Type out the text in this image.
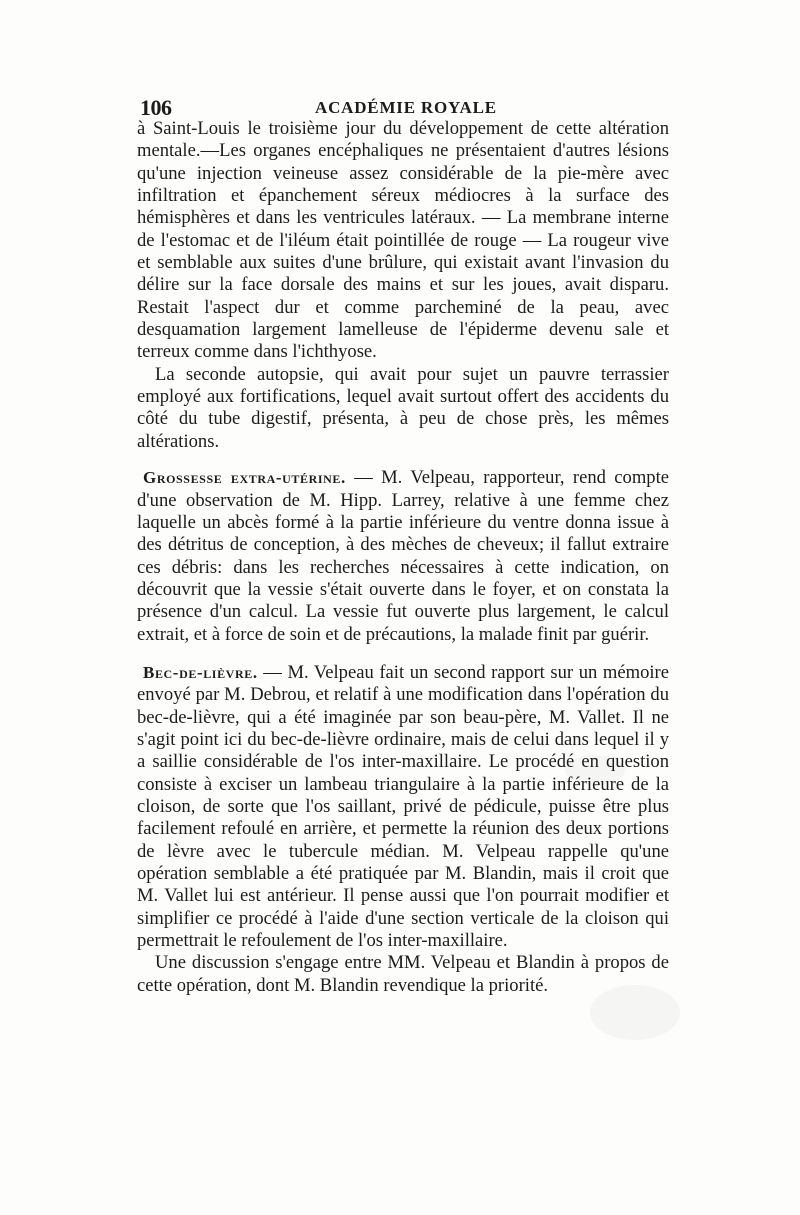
106	ACADÉMIE ROYALE

à Saint-Louis le troisième jour du développement de cette altération mentale.—Les organes encéphaliques ne présentaient d'autres lésions qu'une injection veineuse assez considérable de la pie-mère avec infiltration et épanchement séreux médiocres à la surface des hémisphères et dans les ventricules latéraux. — La membrane interne de l'estomac et de l'iléum était pointillée de rouge — La rougeur vive et semblable aux suites d'une brûlure, qui existait avant l'invasion du délire sur la face dorsale des mains et sur les joues, avait disparu. Restait l'aspect dur et comme parcheminé de la peau, avec desquamation largement lamelleuse de l'épiderme devenu sale et terreux comme dans l'ichthyose.

La seconde autopsie, qui avait pour sujet un pauvre terrassier employé aux fortifications, lequel avait surtout offert des accidents du côté du tube digestif, présenta, à peu de chose près, les mêmes altérations.

Grossesse extra-utérine. — M. Velpeau, rapporteur, rend compte d'une observation de M. Hipp. Larrey, relative à une femme chez laquelle un abcès formé à la partie inférieure du ventre donna issue à des détritus de conception, à des mèches de cheveux; il fallut extraire ces débris: dans les recherches nécessaires à cette indication, on découvrit que la vessie s'était ouverte dans le foyer, et on constata la présence d'un calcul. La vessie fut ouverte plus largement, le calcul extrait, et à force de soin et de précautions, la malade finit par guérir.

Bec-de-lièvre. — M. Velpeau fait un second rapport sur un mémoire envoyé par M. Debrou, et relatif à une modification dans l'opération du bec-de-lièvre, qui a été imaginée par son beau-père, M. Vallet. Il ne s'agit point ici du bec-de-lièvre ordinaire, mais de celui dans lequel il y a saillie considérable de l'os inter-maxillaire. Le procédé en question consiste à exciser un lambeau triangulaire à la partie inférieure de la cloison, de sorte que l'os saillant, privé de pédicule, puisse être plus facilement refoulé en arrière, et permette la réunion des deux portions de lèvre avec le tubercule médian. M. Velpeau rappelle qu'une opération semblable a été pratiquée par M. Blandin, mais il croit que M. Vallet lui est antérieur. Il pense aussi que l'on pourrait modifier et simplifier ce procédé à l'aide d'une section verticale de la cloison qui permettrait le refoulement de l'os inter-maxillaire.

Une discussion s'engage entre MM. Velpeau et Blandin à propos de cette opération, dont M. Blandin revendique la priorité.
